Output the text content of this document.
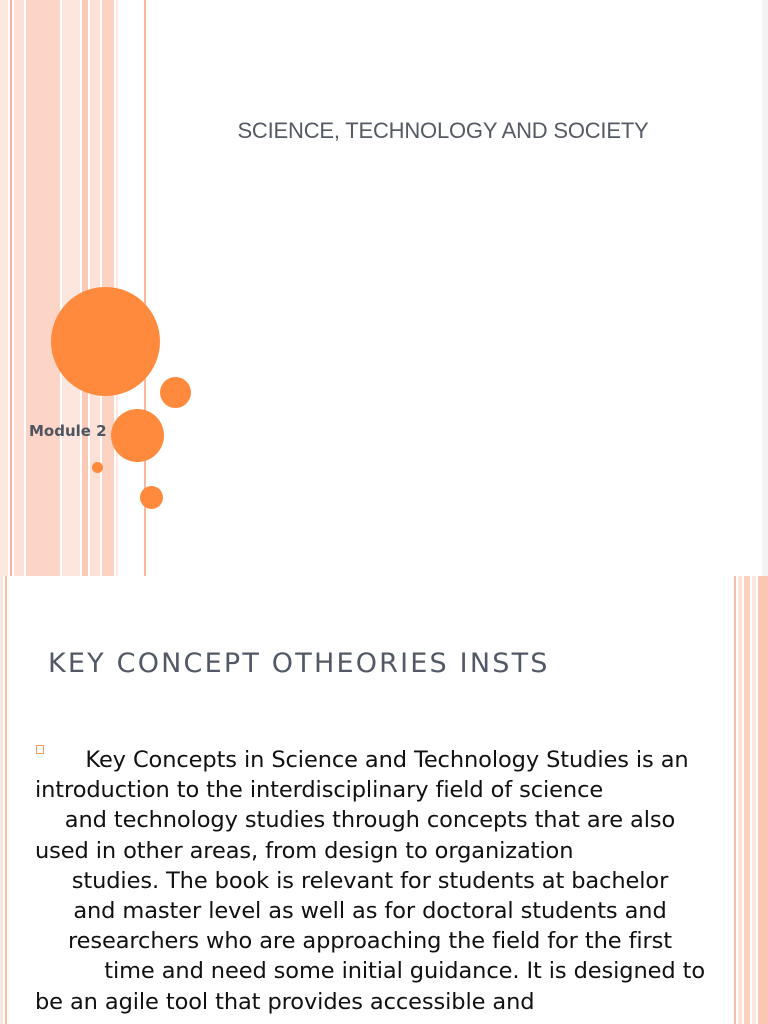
SCIENCE, TECHNOLOGY AND SOCIETY
Module 2
KEY CONCEPT OTHEORIES INSTS
Key Concepts in Science and Technology Studies is an
introduction to the interdisciplinary field of science
and technology studies through concepts that are also
used in other areas, from design to organization
studies. The book is relevant for students at bachelor
and master level as well as for doctoral students and
researchers who are approaching the field for the first
time and need some initial guidance. It is designed to
be an agile tool that provides accessible and
